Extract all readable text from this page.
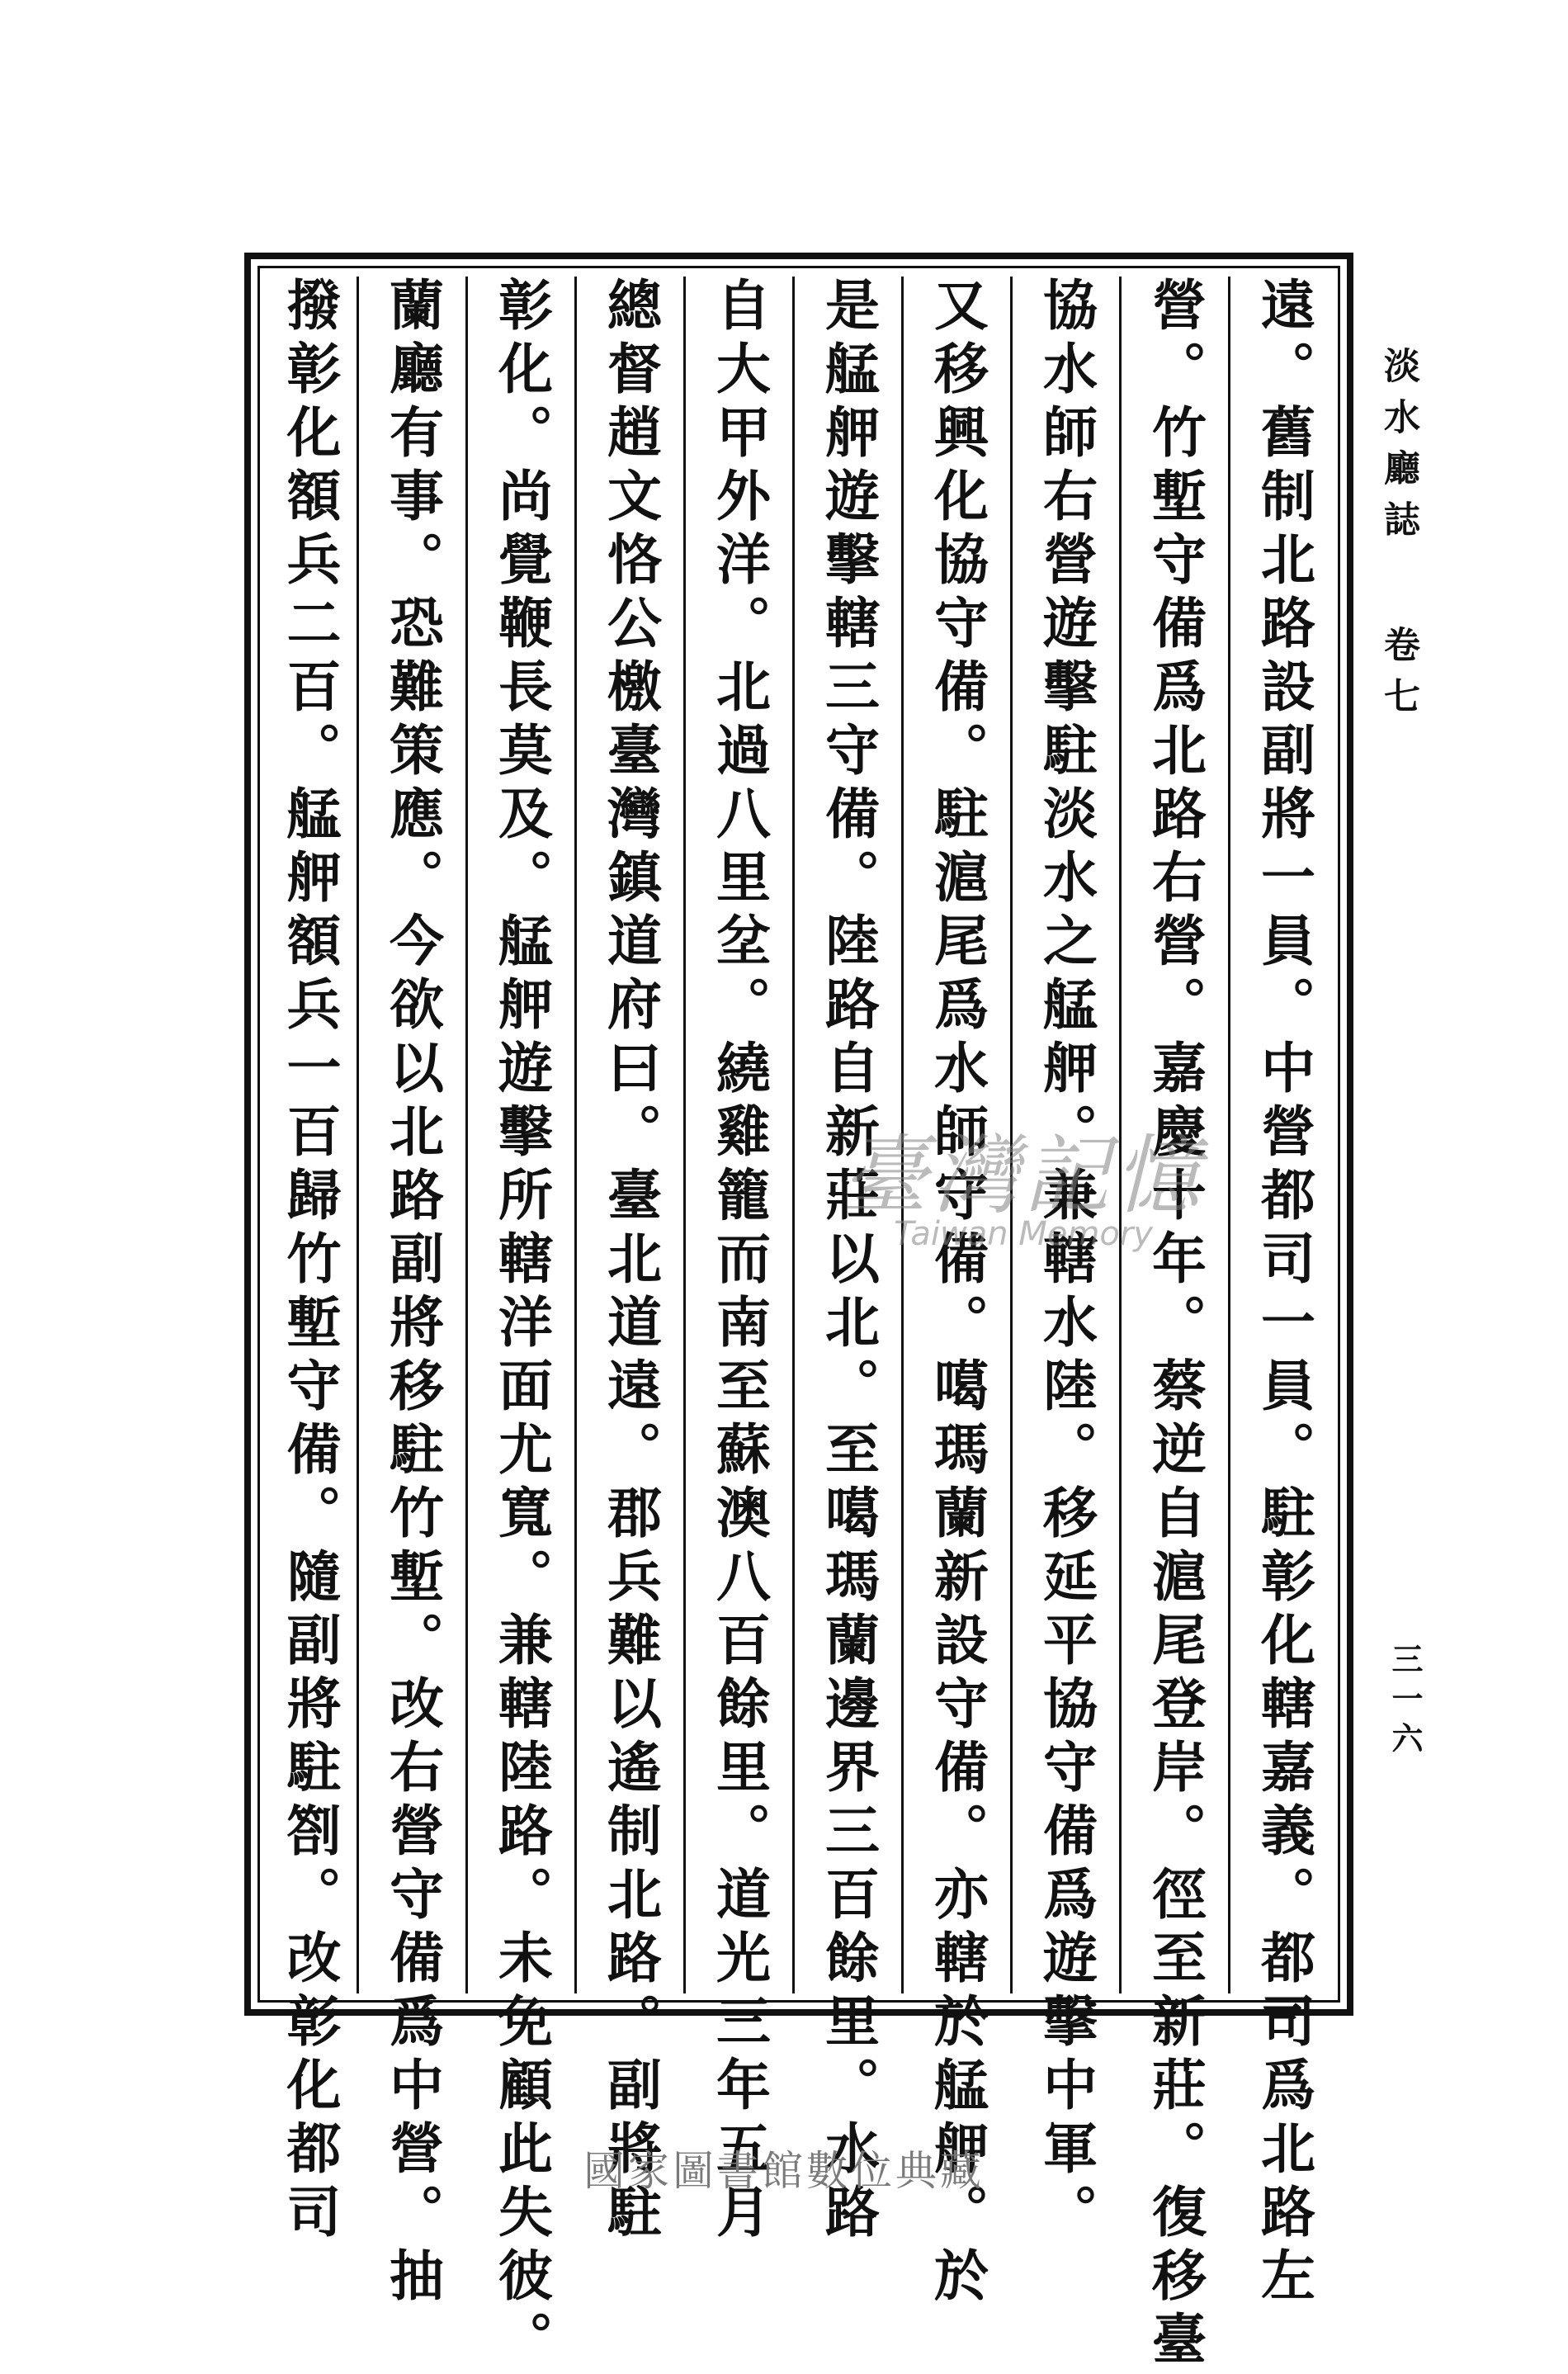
遠。舊制北路設副將一員。中營都司一員。駐彰化轄嘉義。都司爲北路左
營。竹塹守備爲北路右營。嘉慶十年。蔡逆自滬尾登岸。徑至新莊。復移臺
協水師右營遊擊駐淡水之艋舺。兼轄水陸。移延平協守備爲遊擊中軍。
又移興化協守備。駐滬尾爲水師守備。噶瑪蘭新設守備。亦轄於艋舺。於
是艋舺遊擊轄三守備。陸路自新莊以北。至噶瑪蘭邊界三百餘里。水路
自大甲外洋。北過八里坌。繞雞籠而南至蘇澳八百餘里。道光三年五月
總督趙文恪公檄臺灣鎮道府曰。臺北道遠。郡兵難以遙制北路。副將駐
彰化。尚覺鞭長莫及。艋舺遊擊所轄洋面尤寬。兼轄陸路。未免顧此失彼。
蘭廳有事。恐難策應。今欲以北路副將移駐竹塹。改右營守備爲中營。抽
撥彰化額兵二百。艋舺額兵一百歸竹塹守備。隨副將駐劄。改彰化都司	淡水廳誌卷七
三一六
臺灣記憶
Taiwan Memory
國家圖書館數位典藏
